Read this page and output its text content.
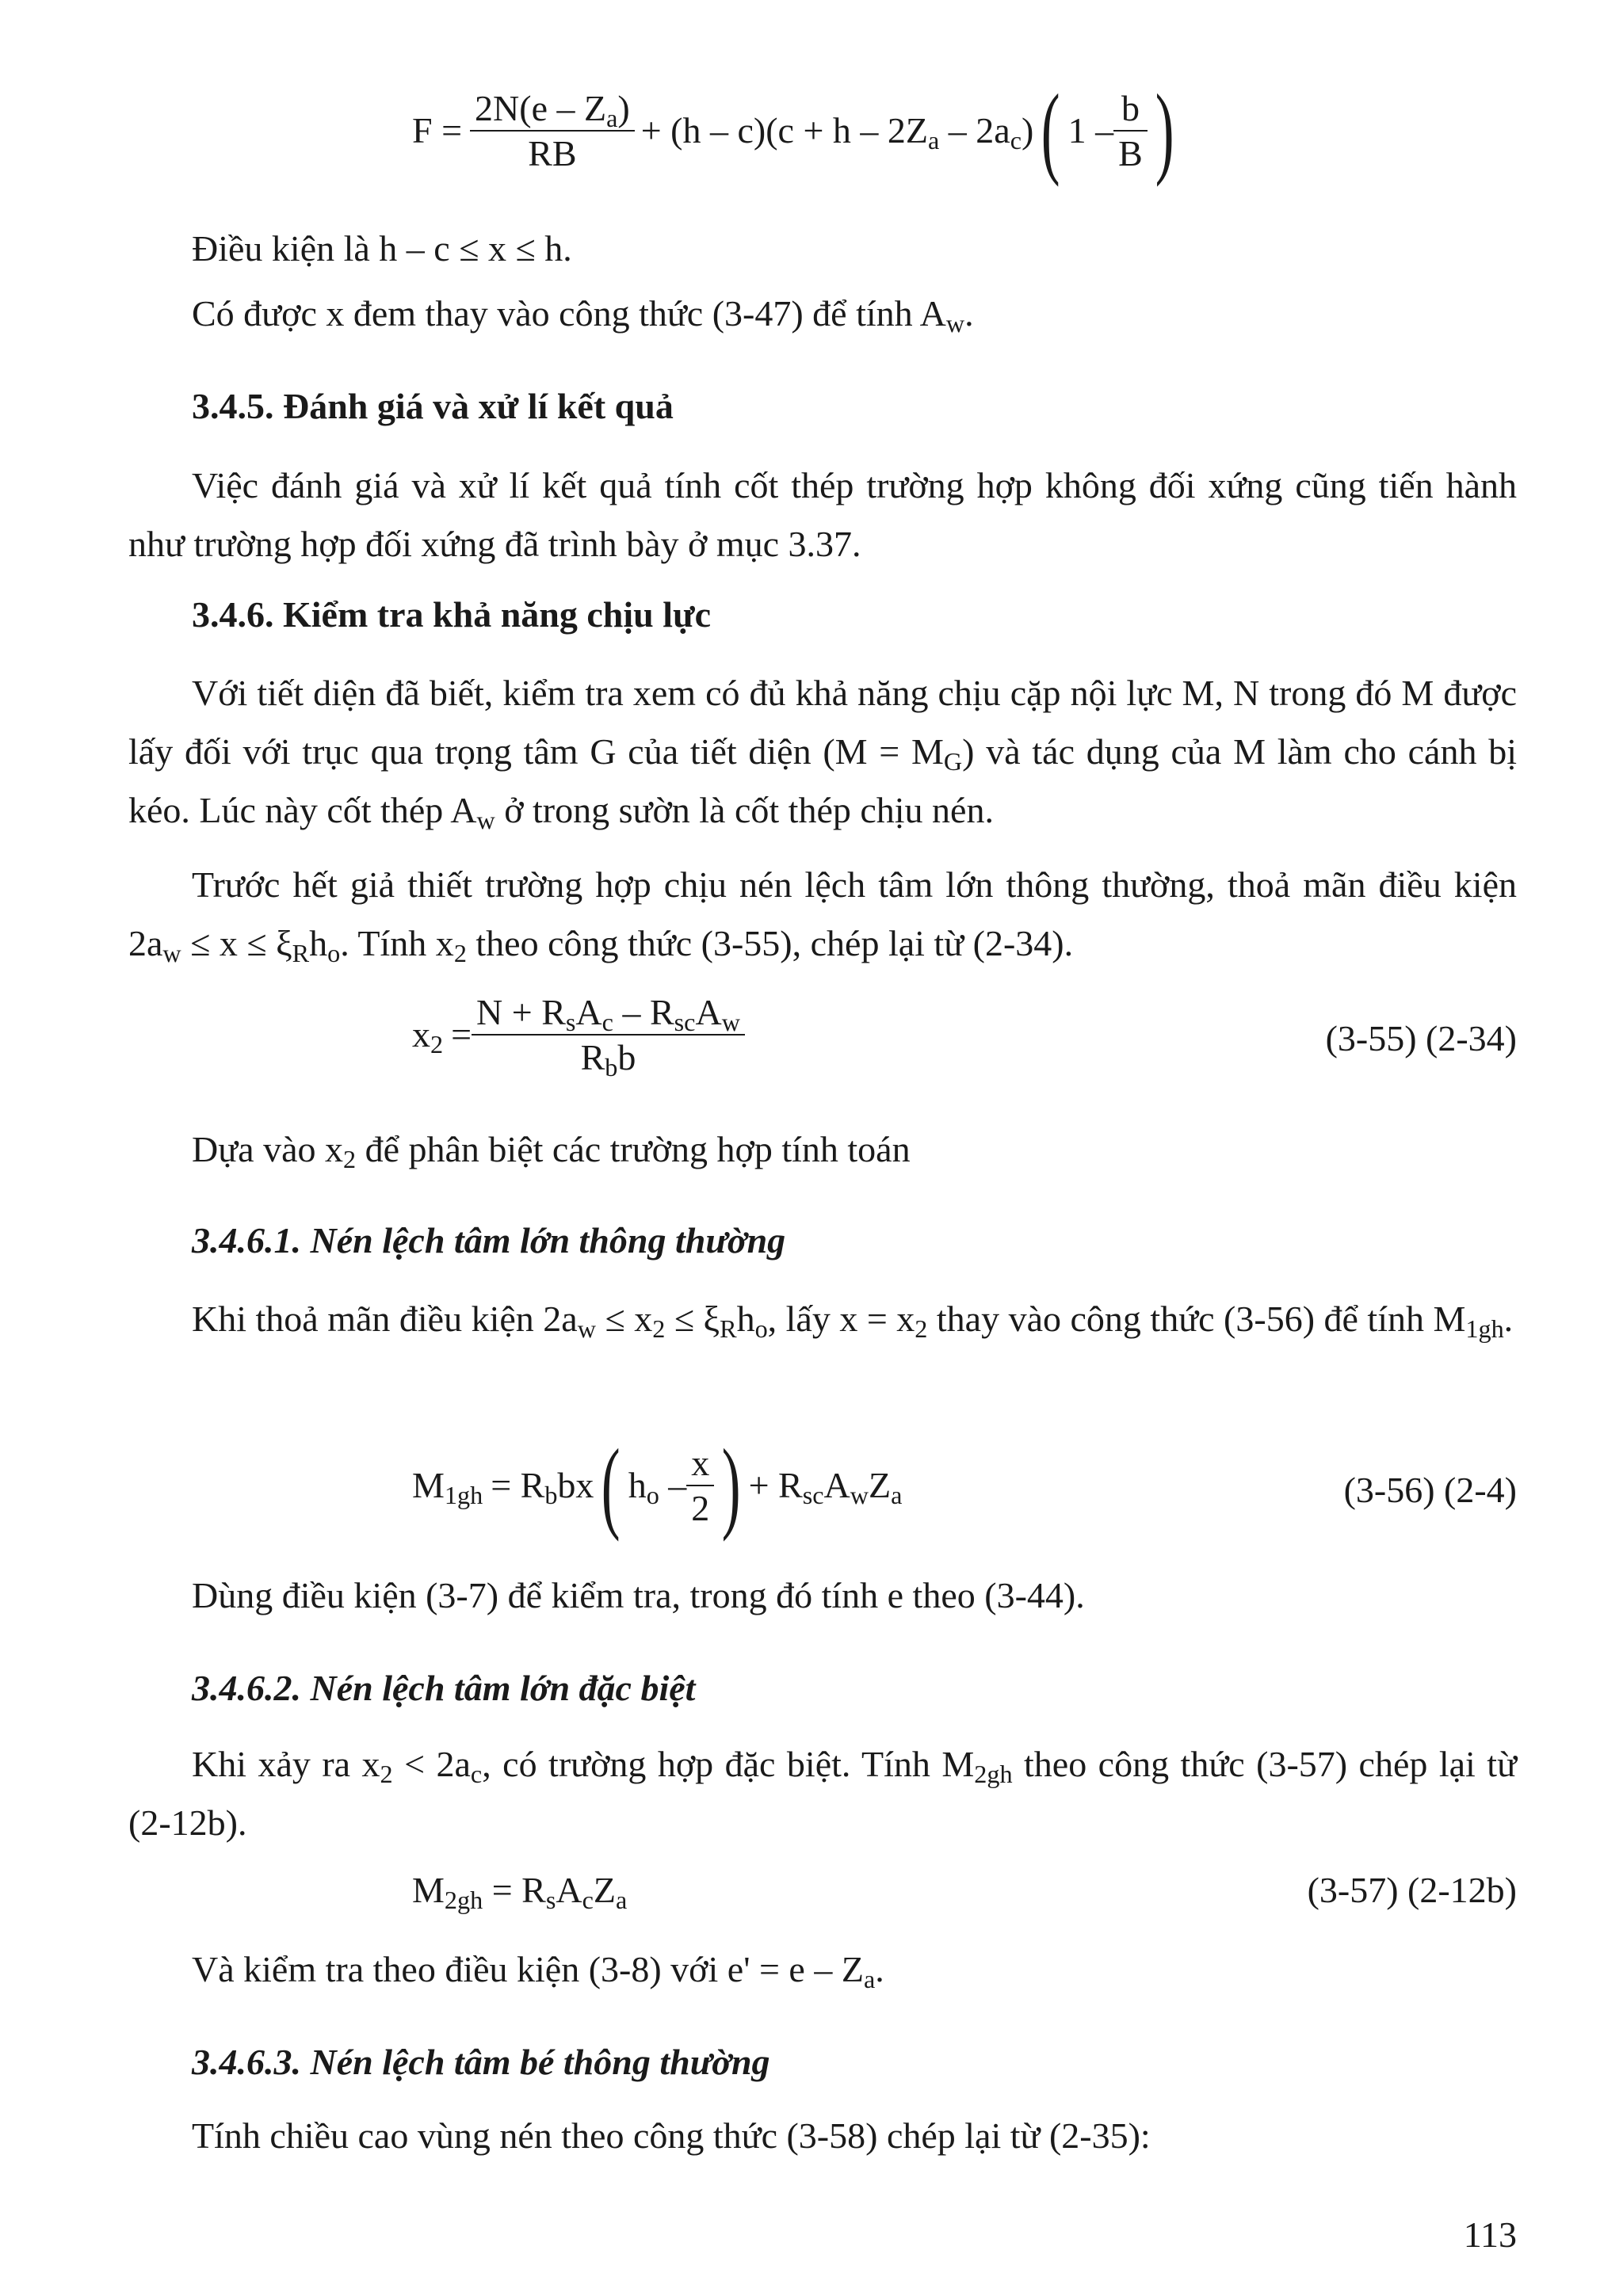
$F = \frac{2N(e - Z_a)}{RB} + (h - c)(c + h - 2Z_a - 2a_c)$ ( $1 - \frac{b}{B}$ )
Điều kiện là h – c ≤ x ≤ h.
Có được x đem thay vào công thức (3-47) để tính $A_w$.
3.4.5. Đánh giá và xử lí kết quả
Việc đánh giá và xử lí kết quả tính cốt thép trường hợp không đối xứng cũng tiến hành như trường hợp đối xứng đã trình bày ở mục 3.37.
3.4.6. Kiểm tra khả năng chịu lực
Với tiết diện đã biết, kiểm tra xem có đủ khả năng chịu cặp nội lực M, N trong đó M được lấy đối với trục qua trọng tâm G của tiết diện $(M = M_G)$ và tác dụng của M làm cho cánh bị kéo. Lúc này cốt thép $A_w$ ở trong sườn là cốt thép chịu nén.
Trước hết giả thiết trường hợp chịu nén lệch tâm lớn thông thường, thoả mãn điều kiện $2a_w \le x \le \xi_Rh_o$. Tính $x_2$ theo công thức (3-55), chép lại từ (2-34).
$x_2 = \frac{N + R_sA_c - R_{sc}A_w}{R_bb}$	(3-55) (2-34)
Dựa vào $x_2$ để phân biệt các trường hợp tính toán
3.4.6.1. Nén lệch tâm lớn thông thường
Khi thoả mãn điều kiện $2a_w \le x_2 \le \xi_Rh_o$, lấy $x = x_2$ thay vào công thức (3-56) để tính $M_{1gh}$.
$M_{1gh} = R_bbx$ ( $h_o - \frac{x}{2}$ ) + $R_{sc}A_wZ_a$	(3-56) (2-4)
Dùng điều kiện (3-7) để kiểm tra, trong đó tính e theo (3-44).
3.4.6.2. Nén lệch tâm lớn đặc biệt
Khi xảy ra $x_2 < 2a_c$, có trường hợp đặc biệt. Tính $M_{2gh}$ theo công thức (3-57) chép lại từ (2-12b).
$M_{2gh} = R_sA_cZ_a$	(3-57) (2-12b)
Và kiểm tra theo điều kiện (3-8) với $e' = e - Z_a$.
3.4.6.3. Nén lệch tâm bé thông thường
Tính chiều cao vùng nén theo công thức (3-58) chép lại từ (2-35):
113
